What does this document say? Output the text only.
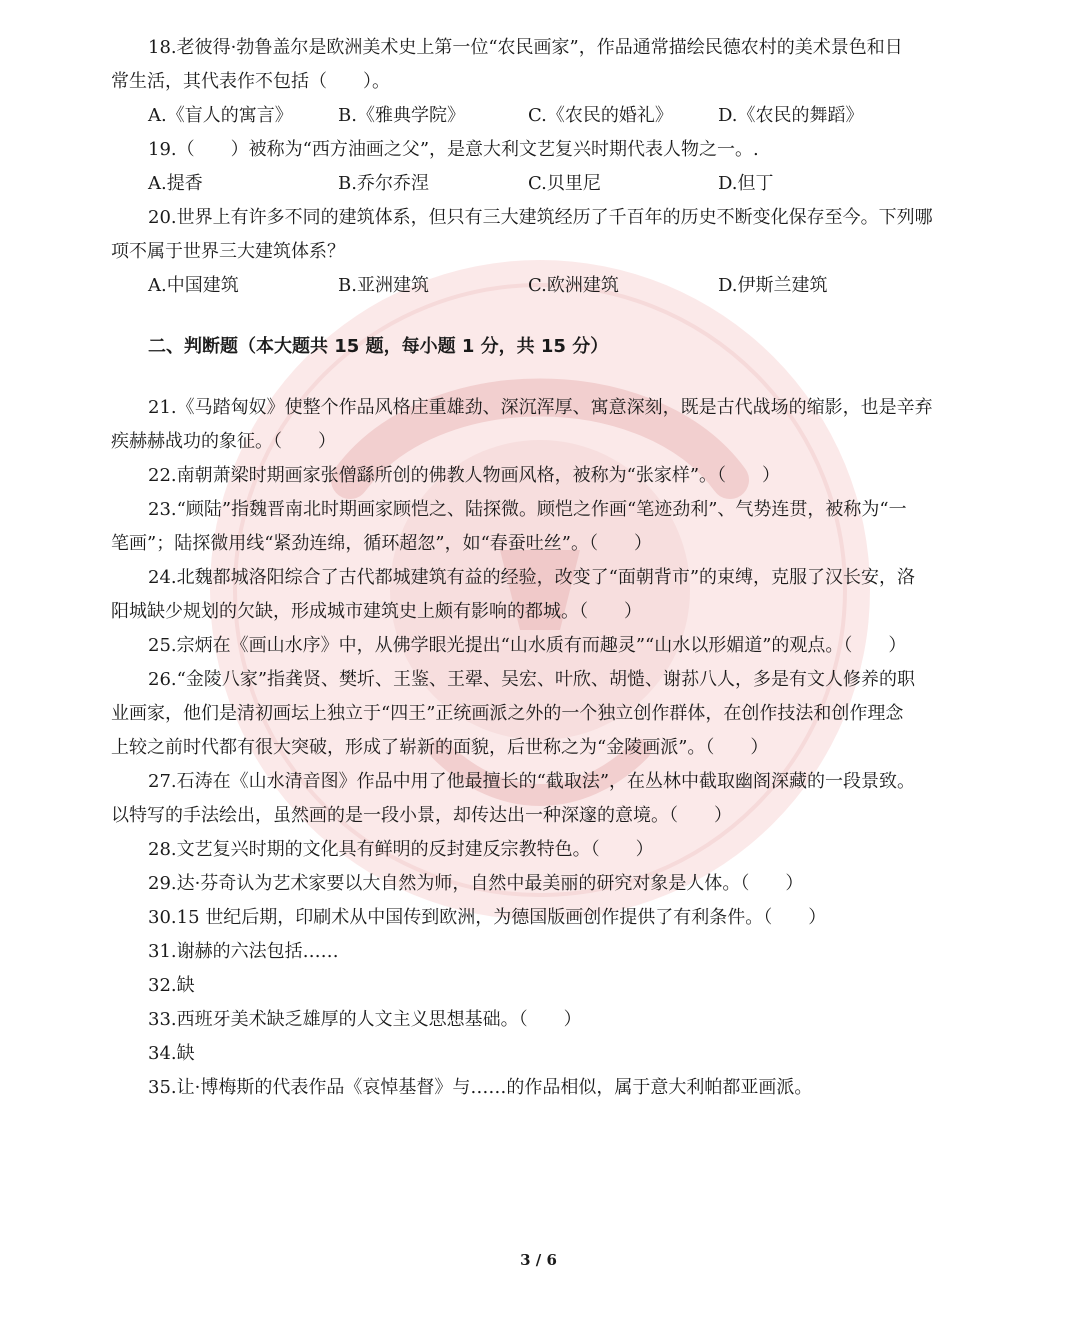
18.老彼得·勃鲁盖尔是欧洲美术史上第一位“农民画家”，作品通常描绘民德农村的美术景色和日
常生活，其代表作不包括（　　）。
A.《盲人的寓言》	B.《雅典学院》	C.《农民的婚礼》	D.《农民的舞蹈》
19.（　　）被称为“西方油画之父”，是意大利文艺复兴时期代表人物之一。.
A.提香	B.乔尔乔涅	C.贝里尼	D.但丁
20.世界上有许多不同的建筑体系，但只有三大建筑经历了千百年的历史不断变化保存至今。下列哪
项不属于世界三大建筑体系？
A.中国建筑	B.亚洲建筑	C.欧洲建筑	D.伊斯兰建筑
二、判断题（本大题共 15 题，每小题 1 分，共 15 分）
21.《马踏匈奴》使整个作品风格庄重雄劲、深沉浑厚、寓意深刻，既是古代战场的缩影，也是辛弃
疾赫赫战功的象征。（　　）
22.南朝萧梁时期画家张僧繇所创的佛教人物画风格，被称为“张家样”。（　　）
23.“顾陆”指魏晋南北时期画家顾恺之、陆探微。顾恺之作画“笔迹劲利”、气势连贯，被称为“一
笔画”；陆探微用线“紧劲连绵，循环超忽”，如“春蚕吐丝”。（　　）
24.北魏都城洛阳综合了古代都城建筑有益的经验，改变了“面朝背市”的束缚，克服了汉长安，洛
阳城缺少规划的欠缺，形成城市建筑史上颇有影响的都城。（　　）
25.宗炳在《画山水序》中，从佛学眼光提出“山水质有而趣灵”“山水以形媚道”的观点。（　　）
26.“金陵八家”指龚贤、樊圻、王鉴、王翚、吴宏、叶欣、胡慥、谢荪八人，多是有文人修养的职
业画家，他们是清初画坛上独立于“四王”正统画派之外的一个独立创作群体，在创作技法和创作理念
上较之前时代都有很大突破，形成了崭新的面貌，后世称之为“金陵画派”。（　　）
27.石涛在《山水清音图》作品中用了他最擅长的“截取法”，在丛林中截取幽阁深藏的一段景致。
以特写的手法绘出，虽然画的是一段小景，却传达出一种深邃的意境。（　　）
28.文艺复兴时期的文化具有鲜明的反封建反宗教特色。（　　）
29.达·芬奇认为艺术家要以大自然为师，自然中最美丽的研究对象是人体。（　　）
30.15 世纪后期，印刷术从中国传到欧洲，为德国版画创作提供了有利条件。（　　）
31.谢赫的六法包括……
32.缺
33.西班牙美术缺乏雄厚的人文主义思想基础。（　　）
34.缺
35.让·博梅斯的代表作品《哀悼基督》与……的作品相似，属于意大利帕都亚画派。
3 / 6
